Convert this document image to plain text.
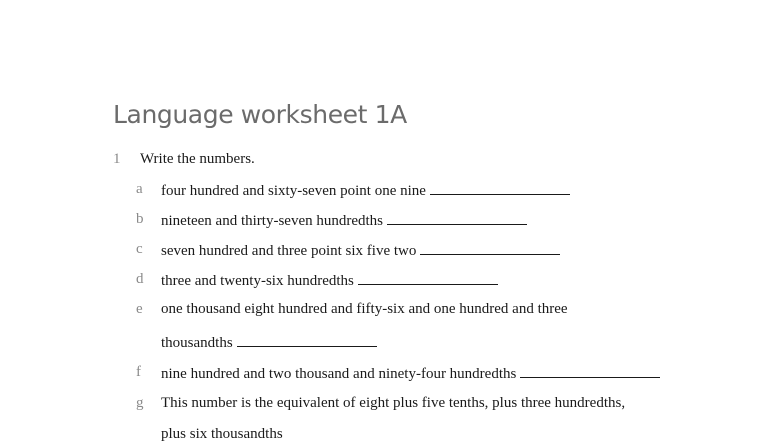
Language worksheet 1A
1 Write the numbers.
a four hundred and sixty-seven point one nine
b nineteen and thirty-seven hundredths
c seven hundred and three point six five two
d three and twenty-six hundredths
e one thousand eight hundred and fifty-six and one hundred and three
thousandths
f nine hundred and two thousand and ninety-four hundredths
g This number is the equivalent of eight plus five tenths, plus three hundredths,
plus six thousandths
